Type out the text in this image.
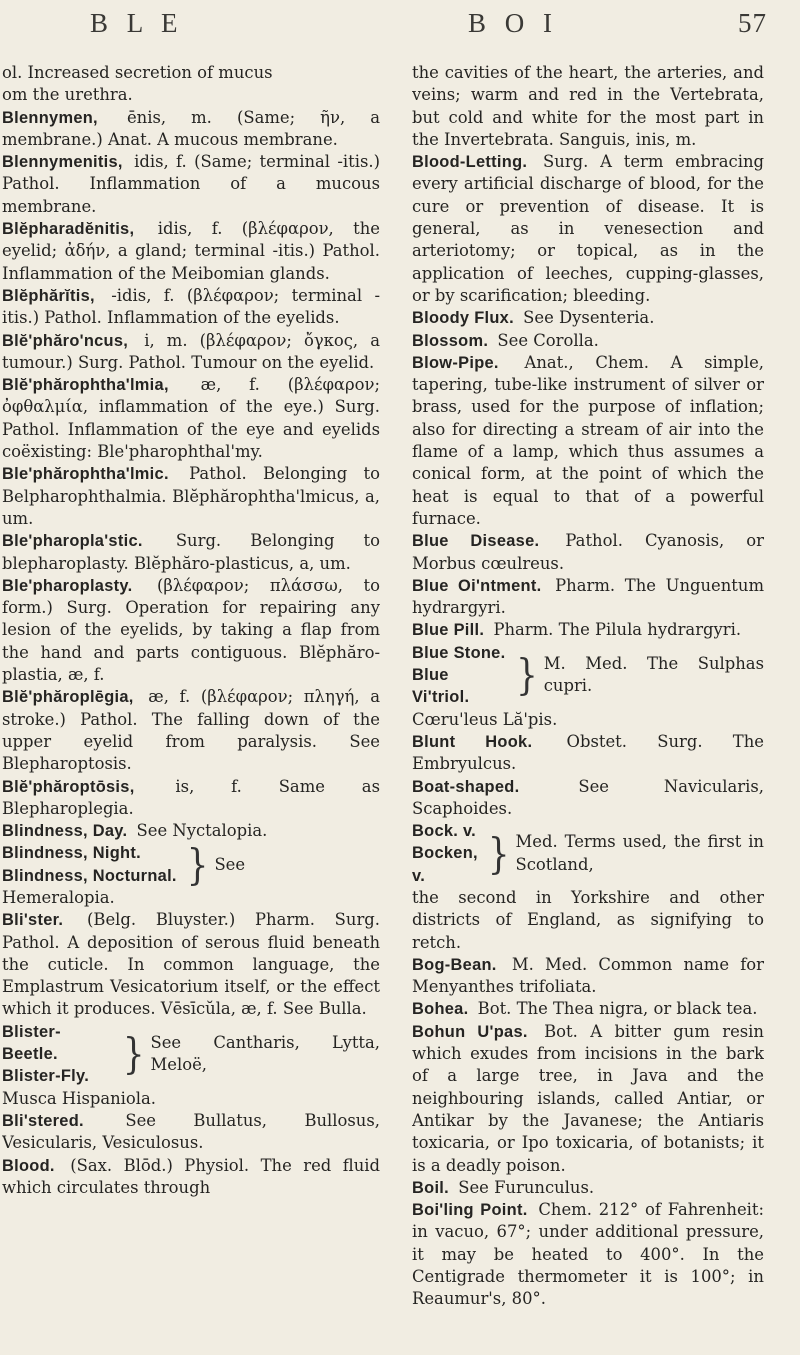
B L E	B O I	57

ol. Increased secretion of mucus

om the urethra.

Blennymen, ēnis, m. (Same; ῆν, a membrane.) Anat. A mucous membrane.

Blennymenitis, idis, f. (Same; terminal -itis.) Pathol. Inflammation of a mucous membrane.

Blĕpharadĕnitis, idis, f. (βλέφαρον, the eyelid; ἀδήν, a gland; terminal -itis.) Pathol. Inflammation of the Meibomian glands.

Blĕphărĭtis, -idis, f. (βλέφαρον; terminal -itis.) Pathol. Inflammation of the eyelids.

Blĕ'phăro'ncus, i, m. (βλέφαρον; ὄγκος, a tumour.) Surg. Pathol. Tumour on the eyelid.

Blĕ'phărophtha'lmia, æ, f. (βλέφαρον; ὀφθαλμία, inflammation of the eye.) Surg. Pathol. Inflammation of the eye and eyelids coëxisting: Ble'pharophthal'my.

Ble'phărophtha'lmic. Pathol. Belonging to Belpharophthalmia. Blĕphărophtha'lmicus, a, um.

Ble'pharopla'stic. Surg. Belonging to blepharoplasty. Blĕphăro-plasticus, a, um.

Ble'pharoplasty. (βλέφαρον; πλάσσω, to form.) Surg. Operation for repairing any lesion of the eyelids, by taking a flap from the hand and parts contiguous. Blĕphăro-plastia, æ, f.

Blĕ'phăroplēgia, æ, f. (βλέφαρον; πληγή, a stroke.) Pathol. The falling down of the upper eyelid from paralysis. See Blepharoptosis.

Blĕ'phăroptōsis, is, f. Same as Blepharoplegia.

Blindness, Day. See Nyctalopia.

Blindness, Night.
Blindness, Nocturnal. } See

Hemeralopia.

Bli'ster. (Belg. Bluyster.) Pharm. Surg. Pathol. A deposition of serous fluid beneath the cuticle. In common language, the Emplastrum Vesicatorium itself, or the effect which it produces. Vēsīcŭla, æ, f. See Bulla.

Blister-Beetle.
Blister-Fly. } See Cantharis, Lytta, Meloë,

Musca Hispaniola.

Bli'stered. See Bullatus, Bullosus, Vesicularis, Vesiculosus.

Blood. (Sax. Blōd.) Physiol. The red fluid which circulates through

the cavities of the heart, the arteries, and veins; warm and red in the Vertebrata, but cold and white for the most part in the Invertebrata. Sanguis, inis, m.

Blood-Letting. Surg. A term embracing every artificial discharge of blood, for the cure or prevention of disease. It is general, as in venesection and arteriotomy; or topical, as in the application of leeches, cupping-glasses, or by scarification; bleeding.

Bloody Flux. See Dysenteria.

Blossom. See Corolla.

Blow-Pipe. Anat., Chem. A simple, tapering, tube-like instrument of silver or brass, used for the purpose of inflation; also for directing a stream of air into the flame of a lamp, which thus assumes a conical form, at the point of which the heat is equal to that of a powerful furnace.

Blue Disease. Pathol. Cyanosis, or Morbus cœulreus.

Blue Oi'ntment. Pharm. The Unguentum hydrargyri.

Blue Pill. Pharm. The Pilula hydrargyri.

Blue Stone.
Blue Vi'triol.	} M. Med. The Sulphas cupri.

Cœru'leus Lă'pis.

Blunt Hook. Obstet. Surg. The Embryulcus.

Boat-shaped. See Navicularis, Scaphoides.

Bock. v.
Bocken, v.	} Med. Terms used, the first in Scotland,

the second in Yorkshire and other districts of England, as signifying to retch.

Bog-Bean. M. Med. Common name for Menyanthes trifoliata.

Bohea. Bot. The Thea nigra, or black tea.

Bohun U'pas. Bot. A bitter gum resin which exudes from incisions in the bark of a large tree, in Java and the neighbouring islands, called Antiar, or Antikar by the Javanese; the Antiaris toxicaria, or Ipo toxicaria, of botanists; it is a deadly poison.

Boil. See Furunculus.

Boi'ling Point. Chem. 212° of Fahrenheit: in vacuo, 67°; under additional pressure, it may be heated to 400°. In the Centigrade thermometer it is 100°; in Reaumur's, 80°.
